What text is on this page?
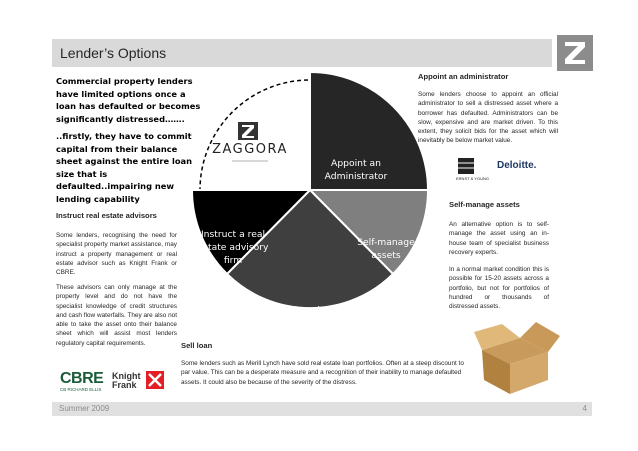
Lender’s Options
Commercial property lenders have limited options once a loan has defaulted or becomes significantly distressed…….
..firstly, they have to commit capital from their balance sheet against the entire loan size that is defaulted..impairing new lending capability
ZAGGORA
Appoint an
Administrator
Self-manage
assets
Sell loan into the
market
Instruct a real
estate advisory
firm
Appoint an administrator
Some lenders choose to appoint an official administrator to sell a distressed asset where a borrower has defaulted. Administrators can be slow, expensive and are market driven. To this extent, they solicit bids for the asset which will inevitably be below market value.
ERNST & YOUNG
Deloitte.
Self-manage assets
An alternative option is to self-manage the asset using an in-house team of specialist business recovery experts.
In a normal market condition this is possible for 15-20 assets across a portfolio, but not for portfolios of hundred or thousands of distressed assets.
Instruct real estate advisors
Some lenders, recognising the need for specialist property market assistance, may instruct a property management or real estate advisor such as Knight Frank or CBRE.
These advisors can only manage at the property level and do not have the specialist knowledge of credit structures and cash flow waterfalls. They are also not able to take the asset onto their balance sheet which will assist most lenders regulatory capital requirements.
CBRE
CB RICHARD ELLIS
Knight Frank
Sell loan
Some lenders such as Merill Lynch have sold real estate loan portfolios. Often at a steep discount to par value. This can be a desperate measure and a recognition of their inability to manage defaulted assets. It could also be because of the severity of the distress.
Summer 2009	4
